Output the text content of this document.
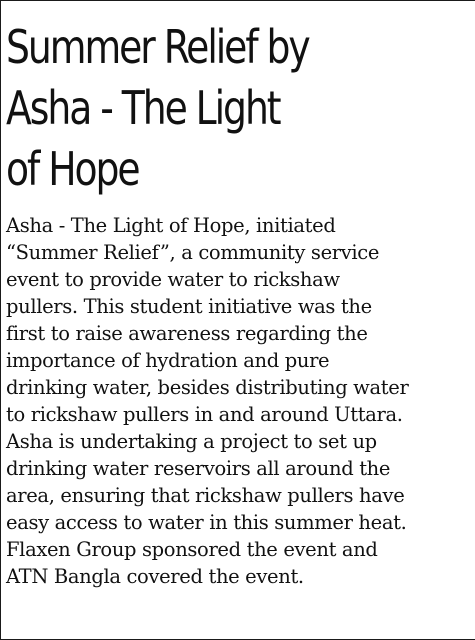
Summer Relief by
Asha - The Light
of Hope
Asha - The Light of Hope, initiated
“Summer Relief”, a community service
event to provide water to rickshaw
pullers. This student initiative was the
first to raise awareness regarding the
importance of hydration and pure
drinking water, besides distributing water
to rickshaw pullers in and around Uttara.
Asha is undertaking a project to set up
drinking water reservoirs all around the
area, ensuring that rickshaw pullers have
easy access to water in this summer heat.
Flaxen Group sponsored the event and
ATN Bangla covered the event.
